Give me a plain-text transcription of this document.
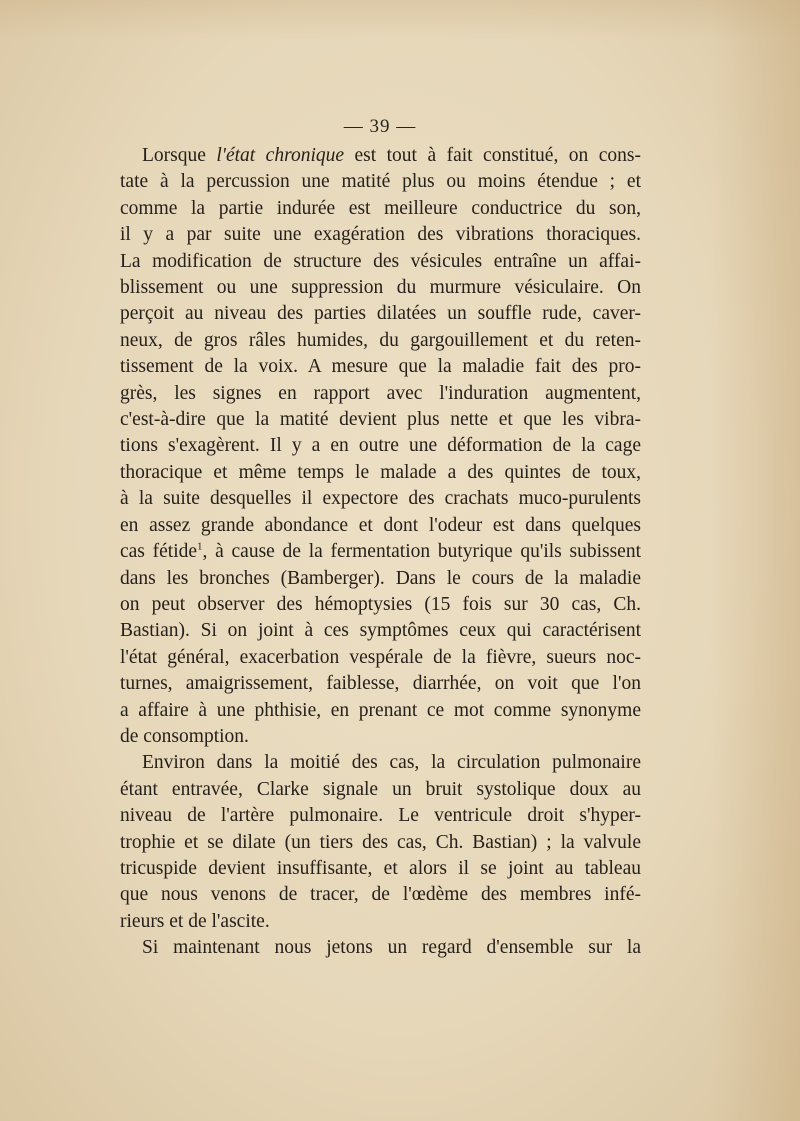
— 39 —

Lorsque l'état chronique est tout à fait constitué, on cons-
tate à la percussion une matité plus ou moins étendue ; et
comme la partie indurée est meilleure conductrice du son,
il y a par suite une exagération des vibrations thoraciques.
La modification de structure des vésicules entraîne un affai-
blissement ou une suppression du murmure vésiculaire. On
perçoit au niveau des parties dilatées un souffle rude, caver-
neux, de gros râles humides, du gargouillement et du reten-
tissement de la voix. A mesure que la maladie fait des pro-
grès, les signes en rapport avec l'induration augmentent,
c'est-à-dire que la matité devient plus nette et que les vibra-
tions s'exagèrent. Il y a en outre une déformation de la cage
thoracique et même temps le malade a des quintes de toux,
à la suite desquelles il expectore des crachats muco-purulents
en assez grande abondance et dont l'odeur est dans quelques
cas fétide$^1$, à cause de la fermentation butyrique qu'ils subissent
dans les bronches (Bamberger). Dans le cours de la maladie
on peut observer des hémoptysies (15 fois sur 30 cas, Ch.
Bastian). Si on joint à ces symptômes ceux qui caractérisent
l'état général, exacerbation vespérale de la fièvre, sueurs noc-
turnes, amaigrissement, faiblesse, diarrhée, on voit que l'on
a affaire à une phthisie, en prenant ce mot comme synonyme
de consomption.

Environ dans la moitié des cas, la circulation pulmonaire
étant entravée, Clarke signale un bruit systolique doux au
niveau de l'artère pulmonaire. Le ventricule droit s'hyper-
trophie et se dilate (un tiers des cas, Ch. Bastian) ; la valvule
tricuspide devient insuffisante, et alors il se joint au tableau
que nous venons de tracer, de l'œdème des membres infé-
rieurs et de l'ascite.

Si maintenant nous jetons un regard d'ensemble sur la
